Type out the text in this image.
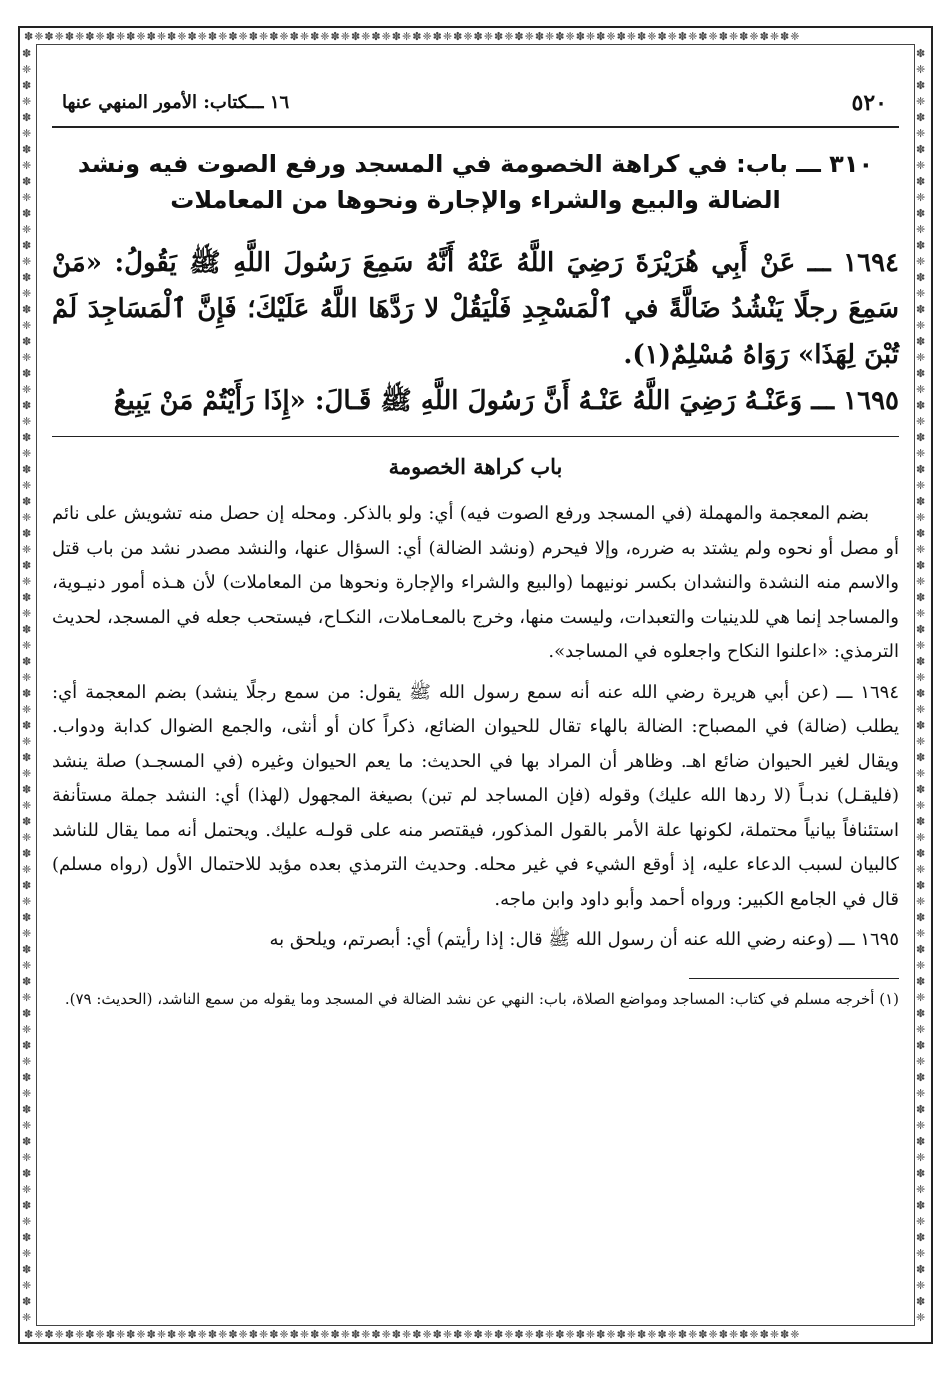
✽❈✽❈✽❈✽❈✽❈✽❈✽❈✽❈✽❈✽❈✽❈✽❈✽❈✽❈✽❈✽❈✽❈✽❈✽❈✽❈✽❈✽❈✽❈✽❈✽❈✽❈✽❈✽❈✽❈✽❈✽❈✽❈✽❈✽❈✽❈✽❈✽❈✽❈
✽❈✽❈✽❈✽❈✽❈✽❈✽❈✽❈✽❈✽❈✽❈✽❈✽❈✽❈✽❈✽❈✽❈✽❈✽❈✽❈✽❈✽❈✽❈✽❈✽❈✽❈✽❈✽❈✽❈✽❈✽❈✽❈✽❈✽❈✽❈✽❈✽❈✽❈
✽❈✽❈✽❈✽❈✽❈✽❈✽❈✽❈✽❈✽❈✽❈✽❈✽❈✽❈✽❈✽❈✽❈✽❈✽❈✽❈✽❈✽❈✽❈✽❈✽❈✽❈✽❈✽❈✽❈✽❈✽❈✽❈✽❈✽❈✽❈✽❈✽❈✽❈✽❈✽❈
✽❈✽❈✽❈✽❈✽❈✽❈✽❈✽❈✽❈✽❈✽❈✽❈✽❈✽❈✽❈✽❈✽❈✽❈✽❈✽❈✽❈✽❈✽❈✽❈✽❈✽❈✽❈✽❈✽❈✽❈✽❈✽❈✽❈✽❈✽❈✽❈✽❈✽❈✽❈✽❈
٥٢٠
١٦ ـــكتاب: الأمور المنهي عنها
٣١٠ ـــ باب: في كراهة الخصومة في المسجد ورفع الصوت فيه ونشد الضالة والبيع والشراء والإجارة ونحوها من المعاملات

١٦٩٤ ـــ عَنْ أَبِي هُرَيْرَةَ رَضِيَ اللَّهُ عَنْهُ أَنَّهُ سَمِعَ رَسُولَ اللَّهِ ﷺ يَقُولُ: «مَنْ سَمِعَ رجلًا يَنْشُدُ ضَالَّةً في ٱلْمَسْجِدِ فَلْيَقُلْ لا رَدَّهَا اللَّهُ عَلَيْكَ؛ فَإِنَّ ٱلْمَسَاجِدَ لَمْ تُبْنَ لِهَذَا» رَوَاهُ مُسْلِمٌ(١).

١٦٩٥ ـــ وَعَنْـهُ رَضِيَ اللَّهُ عَنْـهُ أَنَّ رَسُولَ اللَّهِ ﷺ قَـالَ: «إِذَا رَأَيْتُمْ مَنْ يَبِيعُ

باب كراهة الخصومة

بضم المعجمة والمهملة (في المسجد ورفع الصوت فيه) أي: ولو بالذكر. ومحله إن حصل منه تشويش على نائم أو مصل أو نحوه ولم يشتد به ضرره، وإلا فيحرم (ونشد الضالة) أي: السؤال عنها، والنشد مصدر نشد من باب قتل والاسم منه النشدة والنشدان بكسر نونيهما (والبيع والشراء والإجارة ونحوها من المعاملات) لأن هـذه أمور دنيـوية، والمساجد إنما هي للدينيات والتعبدات، وليست منها، وخرج بالمعـاملات، النكـاح، فيستحب جعله في المسجد، لحديث الترمذي: «اعلنوا النكاح واجعلوه في المساجد».

١٦٩٤ ـــ (عن أبي هريرة رضي الله عنه أنه سمع رسول الله ﷺ يقول: من سمع رجلًا ينشد) بضم المعجمة أي: يطلب (ضالة) في المصباح: الضالة بالهاء تقال للحيوان الضائع، ذكراً كان أو أنثى، والجمع الضوال كدابة ودواب. ويقال لغير الحيوان ضائع اهـ. وظاهر أن المراد بها في الحديث: ما يعم الحيوان وغيره (في المسجـد) صلة ينشد (فليقـل) ندبـاً (لا ردها الله عليك) وقوله (فإن المساجد لم تبن) بصيغة المجهول (لهذا) أي: النشد جملة مستأنفة استئنافاً بيانياً محتملة، لكونها علة الأمر بالقول المذكور، فيقتصر منه على قولـه عليك. ويحتمل أنه مما يقال للناشد كالبيان لسبب الدعاء عليه، إذ أوقع الشيء في غير محله. وحديث الترمذي بعده مؤيد للاحتمال الأول (رواه مسلم) قال في الجامع الكبير: ورواه أحمد وأبو داود وابن ماجه.

١٦٩٥ ـــ (وعنه رضي الله عنه أن رسول الله ﷺ قال: إذا رأيتم) أي: أبصرتم، ويلحق به

(١) أخرجه مسلم في كتاب: المساجد ومواضع الصلاة، باب: النهي عن نشد الضالة في المسجد وما يقوله من سمع الناشد، (الحديث: ٧٩).
